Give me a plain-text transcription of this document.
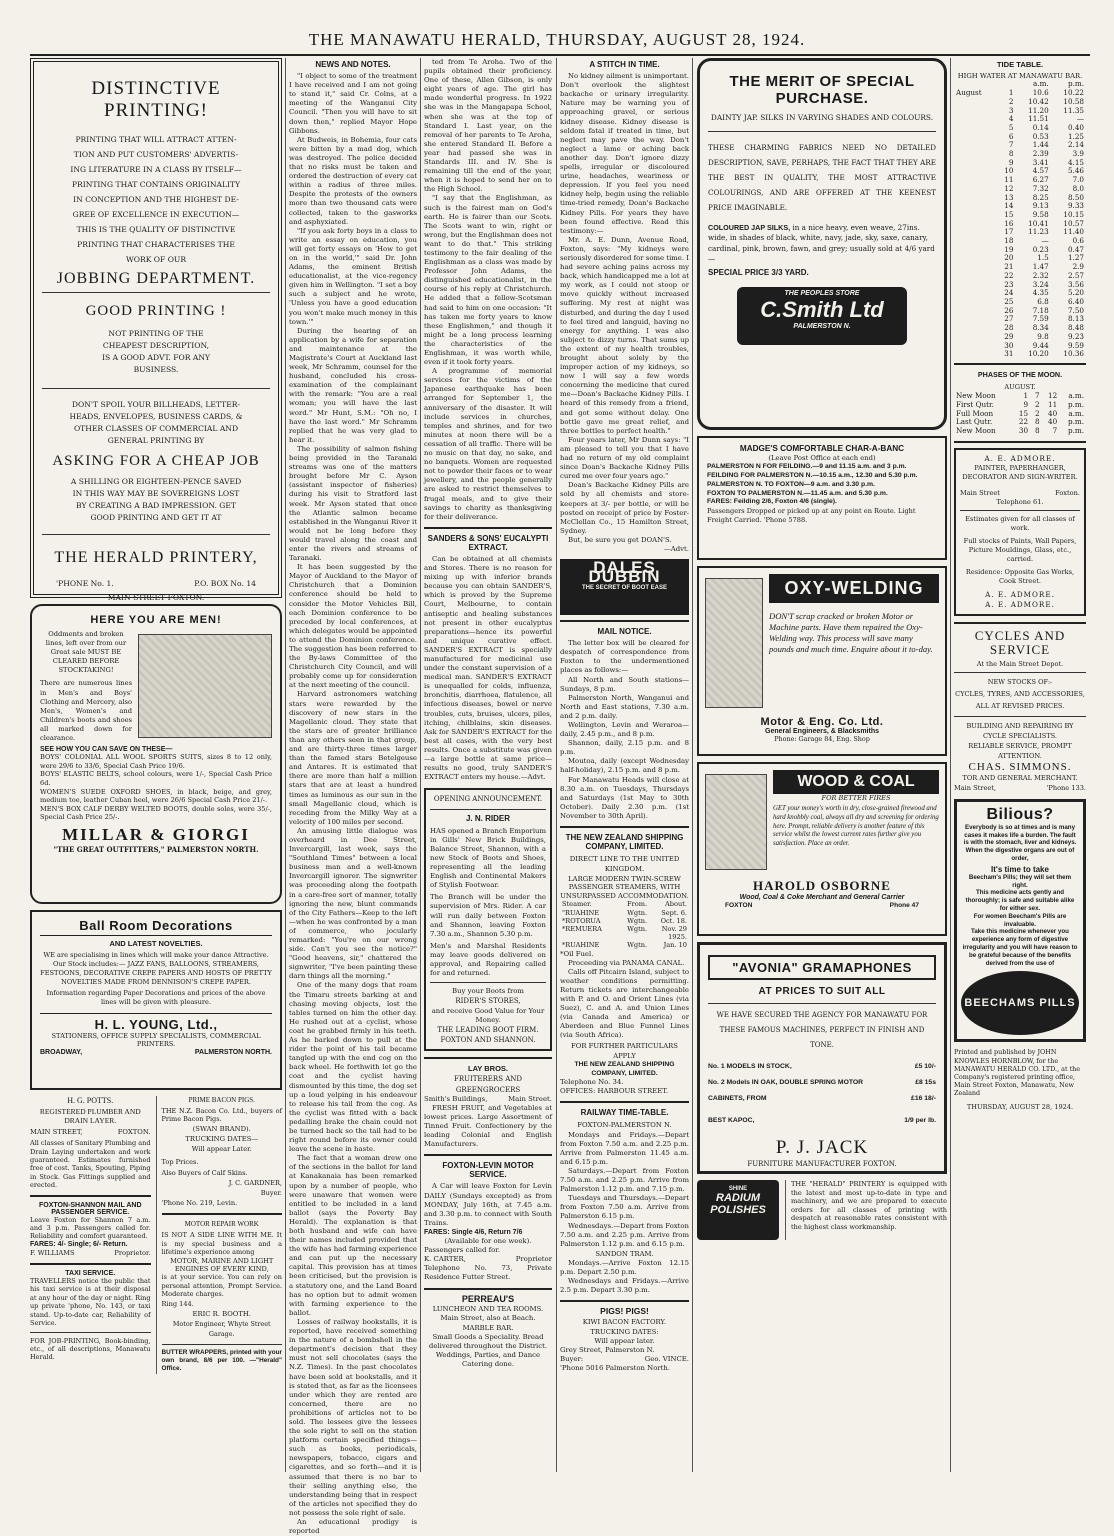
THE MANAWATU HERALD, THURSDAY, AUGUST 28, 1924.
DISTINCTIVE PRINTING!
PRINTING THAT WILL ATTRACT ATTEN-
TION AND PUT CUSTOMERS' ADVERTIS-
ING LITERATURE IN A CLASS BY ITSELF—
PRINTING THAT CONTAINS ORIGINALITY
IN CONCEPTION AND THE HIGHEST DE-
GREE OF EXCELLENCE IN EXECUTION—
THIS IS THE QUALITY OF DISTINCTIVE
PRINTING THAT CHARACTERISES THE
WORK OF OUR
JOBBING DEPARTMENT.
GOOD PRINTING !
NOT PRINTING OF THE
CHEAPEST DESCRIPTION,
IS A GOOD ADVT. FOR ANY
BUSINESS.
DON'T SPOIL YOUR BILLHEADS, LETTER-
HEADS, ENVELOPES, BUSINESS CARDS, &
OTHER CLASSES OF COMMERCIAL AND
GENERAL PRINTING BY
ASKING FOR A CHEAP JOB
A SHILLING OR EIGHTEEN-PENCE SAVED
IN THIS WAY MAY BE SOVEREIGNS LOST
BY CREATING A BAD IMPRESSION. GET
GOOD PRINTING AND GET IT AT
THE HERALD PRINTERY,
'PHONE No. 1.	P.O. BOX No. 14
MAIN STREET FOXTON.
HERE YOU ARE MEN!
Oddments and broken lines, left over from our Great sale MUST BE CLEARED BEFORE STOCKTAKING!
There are numerous lines in Men's and Boys' Clothing and Mercery, also Men's, Women's and Children's boots and shoes all marked down for clearance.
SEE HOW YOU CAN SAVE ON THESE—
BOYS' COLONIAL ALL WOOL SPORTS SUITS, sizes 8 to 12 only, were 29/6 to 33/6, Special Cash Price 19/6.
BOYS' ELASTIC BELTS, school colours, were 1/-, Special Cash Price 6d.
WOMEN'S SUEDE OXFORD SHOES, in black, beige, and grey, medium toe, leather Cuban heel, were 26/6 Special Cash Price 21/-.
MEN'S BOX CALF DERBY WELTED BOOTS, double soles, were 35/-, Special Cash Price 25/-.
MILLAR & GIORGI
"THE GREAT OUTFITTERS," PALMERSTON NORTH.
Ball Room Decorations
AND LATEST NOVELTIES.
WE are specialising in lines which will make your dance Attractive. Our Stock includes:— JAZZ FANS, BALLOONS, STREAMERS, FESTOONS, DECORATIVE CREPE PAPERS AND HOSTS OF PRETTY NOVELTIES MADE FROM DENNISON'S CREPE PAPER.
Information regarding Paper Decorations and prices of the above lines will be given with pleasure.
H. L. YOUNG, Ltd.,
STATIONERS, OFFICE SUPPLY SPECIALISTS, COMMERCIAL PRINTERS.
BROADWAY,	PALMERSTON NORTH.
H. G. POTTS.
REGISTERED PLUMBER AND DRAIN LAYER.
MAIN STREET,	FOXTON.
All classes of Sanitary Plumbing and Drain Laying undertaken and work guaranteed. Estimates furnished free of cost. Tanks, Spouting, Piping in Stock. Gas Fittings supplied and erected.
FOXTON-SHANNON MAIL AND PASSENGER SERVICE.
Leave Foxton for Shannon 7 a.m. and 3 p.m. Passengers called for. Reliability and comfort guaranteed.
FARES: 4/- Single; 6/- Return.
F. WILLIAMS	Proprietor.
TAXI SERVICE.
TRAVELLERS notice the public that his taxi service is at their disposal at any hour of the day or night. Ring up private 'phone, No. 143, or taxi stand. Up-to-date car, Reliability of Service.
FOR JOB-PRINTING, Book-binding, etc., of all descriptions, Manawatu Herald.
PRIME BACON PIGS.
THE N.Z. Bacon Co. Ltd., buyers of Prime Bacon Pigs.
(SWAN BRAND).
TRUCKING DATES—
Will appear Later.
Top Prices.
Also Buyers of Calf Skins.
J. C. GARDNER,
Buyer.
'Phone No. 219, Levin.
MOTOR REPAIR WORK
IS NOT A SIDE LINE WITH ME. It is my special business and a lifetime's experience among
MOTOR, MARINE AND LIGHT ENGINES OF EVERY KIND,
is at your service. You can rely on personal attention, Prompt Service. Moderate charges.
Ring 144.
ERIC R. BOOTH.
Motor Engineer, Whyte Street Garage.
BUTTER WRAPPERS, printed with your own brand, 8/6 per 100. —"Herald" Office.
NEWS AND NOTES.

"I object to some of the treatment I have received and I am not going to stand it," said Cr. Colns, at a meeting of the Wanganui City Council. "Then you will have to sit down then," replied Mayor Hope Gibbons.

At Budweis, in Bohemia, four cats were bitten by a mad dog, which was destroyed. The police decided that no risks must be taken and ordered the destruction of every cat within a radius of three miles. Despite the protests of the owners more than two thousand cats were collected, taken to the gasworks and asphyxiated.

"If you ask forty boys in a class to write an essay on education, you will get forty essays on 'How to get on in the world,'" said Dr. John Adams, the eminent British educationalist, at the vice-regency given him in Wellington. "I set a boy such a subject and he wrote, 'Unless you have a good education you won't make much money in this town.'"

During the hearing of an application by a wife for separation and maintenance at the Magistrate's Court at Auckland last week, Mr Schramm, counsel for the husband, concluded his cross-examination of the complainant with the remark: "You are a real woman; you will have the last word." Mr Hunt, S.M.: "Oh no, I have the last word." Mr Schramm replied that he was very glad to hear it.

The possibility of salmon fishing being provided in the Taranaki streams was one of the matters brought before Mr C. Ayson (assistant inspector of fisheries) during his visit to Stratford last week. Mr Ayson stated that once the Atlantic salmon became established in the Wanganui River it would not be long before they would travel along the coast and enter the rivers and streams of Taranaki.

It has been suggested by the Mayor of Auckland to the Mayor of Christchurch that a Dominion conference should be held to consider the Motor Vehicles Bill, each Dominion conference to be preceded by local conferences, at which delegates would be appointed to attend the Dominion conference. The suggestion has been referred to the By-laws Committee of the Christchurch City Council, and will probably come up for consideration at the next meeting of the council.

Harvard astronomers watching stars were rewarded by the discovery of new stars in the Magellanic cloud. They state that the stars are of greater brilliance than any others seen in that group, and are thirty-three times larger than the famed stars Betelgeuse and Antares. It is estimated that there are more than half a million stars that are at least a hundred times as luminous as our sun in the small Magellanic cloud, which is receding from the Milky Way at a velocity of 100 miles per second.

An amusing little dialogue was overheard in Dee Street, Invercargill, last week, says the "Southland Times" between a local business man and a well-known Invercargill ignorer. The signwriter was proceeding along the footpath in a care-free sort of manner, totally ignoring the new, blunt commands of the City Fathers—Keep to the left—when he was confronted by a man of commerce, who jocularly remarked: "You're on our wrong side. Can't you see the notice?" "Good heavens, sir," chattered the signwriter, "I've been painting these darn things all the morning."

One of the many dogs that roam the Timaru streets barking at and chasing moving objects, lost the tables turned on him the other day. He rushed out at a cyclist, whose coat he grabbed firmly in his teeth. As he barked down to pull at the rider the point of his tail became tangled up with the end cog on the back wheel. He forthwith let go the coat and the cyclist having dismounted by this time, the dog set up a loud yelping in his endeavour to release his tail from the cog. As the cyclist was fitted with a back pedalling brake the chain could not be turned back so the tail had to be right round before its owner could leave the scene in haste.

The fact that a woman drew one of the sections in the ballot for land at Kanakanaia has been remarked upon by a number of people, who were unaware that women were entitled to be included in a land ballot (says the Poverty Bay Herald). The explanation is that both husband and wife can have their names included provided that the wife has had farming experience and can put up the necessary capital. This provision has at times been criticised, but the provision is a statutory one, and the Land Board has no option but to admit women with farming experience to the ballot.

Losses of railway bookstalls, it is reported, have received something in the nature of a bombshell in the department's decision that they must not sell chocolates (says the N.Z. Times). In the past chocolates have been sold at bookstalls, and it is stated that, as far as the licensees under which they are rented are concerned, there are no prohibitions of articles not to be sold. The lessees give the lessees the sole right to sell on the station platform certain specified things—such as books, periodicals, newspapers, tobacco, cigars and cigarettes, and so forth—and it is assumed that there is no bar to their selling anything else, the understanding being that in respect of the articles not specified they do not possess the sole right of sale.

An educational prodigy is reported

ted from Te Aroha. Two of the pupils obtained their proficiency. One of these, Allen Gibson, is only eight years of age. The girl has made wonderful progress. In 1922 she was in the Mangapapa School, when she was at the top of Standard I. Last year, on the removal of her parents to Te Aroha, she entered Standard II. Before a year had passed she was in Standards III. and IV. She is remaining till the end of the year, when it is hoped to send her on to the High School.

"I say that the Englishman, as such is the fairest man on God's earth. He is fairer than our Scots. The Scots want to win, right or wrong, but the Englishman does not want to do that." This striking testimony to the fair dealing of the Englishman as a class was made by Professor John Adams, the distinguished educationalist, in the course of his reply at Christchurch. He added that a fellow-Scotsman had said to him on one occasion: "It has taken me forty years to know these Englishmen," and though it might be a long process learning the characteristics of the Englishman, it was worth while, even if it took forty years.

A programme of memorial services for the victims of the Japanese earthquake has been arranged for September 1, the anniversary of the disaster. It will include services in churches, temples and shrines, and for two minutes at noon there will be a cessation of all traffic. There will be no music on that day, no sake, and no banquets. Women are requested not to powder their faces or to wear jewellery, and the people generally are asked to restrict themselves to frugal meals, and to give their savings to charity as thanksgiving for their deliverance.

SANDERS & SONS' EUCALYPTI EXTRACT.

Can be obtained at all chemists and Stores. There is no reason for mixing up with inferior brands because you can obtain SANDER'S, which is proved by the Supreme Court, Melbourne, to contain antiseptic and healing substances not present in other eucalyptus preparations—hence its powerful and unique curative effect. SANDER'S EXTRACT is specially manufactured for medicinal use under the constant supervision of a medical man. SANDER'S EXTRACT is unequalled for colds, influenza, bronchitis, diarrhoea, flatulence, all infectious diseases, bowel or nerve troubles, cuts, bruises, ulcers, piles, itching, chilblains, skin diseases. Ask for SANDER'S EXTRACT for the best all cases, with the very best results. Once a substitute was given—a large bottle at same price—results no good, truly SANDER'S EXTRACT enters my house.—Advt.

OPENING ANNOUNCEMENT.
J. N. RIDER
HAS opened a Branch Emporium in Gills' New Brick Buildings, Balance Street, Shannon, with a new Stock of Boots and Shoes, representing all the leading English and Continental Makers of Stylish Footwear.
The Branch will be under the supervision of Mrs. Rider. A car will run daily between Foxton and Shannon, leaving Foxton 7.30 a.m., Shannon 5.30 p.m.
Men's and Marshal Residents may leave goods delivered on approval, and Repairing called for and returned.
Buy your Boots from
RIDER'S STORES,
and receive Good Value for Your Money.
THE LEADING BOOT FIRM.
FOXTON AND SHANNON.
LAY BROS.
FRUITERERS AND GREENGROCERS
Smith's Buildings,	Main Street.

FRESH FRUIT, and Vegetables at lowest prices. Large Assortment of Tinned Fruit. Confectionery by the leading Colonial and English Manufacturers.

FOXTON-LEVIN MOTOR SERVICE.

A Car will leave Foxton for Levin DAILY (Sundays excepted) as from MONDAY, July 16th, at 7.45 a.m. and 3.30 p.m. to connect with South Trains.

FARES: Single 4/6, Return 7/6
(Available for one week).
Passengers called for.
K. CARTER,	Proprietor
Telephone No. 73, Private Residence Futter Street.
PERREAU'S
LUNCHEON AND TEA ROOMS.
Main Street, also at Beach.
MARBLE BAR.
Small Goods a Speciality. Bread delivered throughout the District. Weddings, Parties, and Dance Catering done.
A STITCH IN TIME.

No kidney ailment is unimportant. Don't overlook the slightest backache or urinary irregularity. Nature may be warning you of approaching gravel, or serious kidney disease. Kidney disease is seldom fatal if treated in time, but neglect may pave the way. Don't neglect a lame or aching back another day. Don't ignore dizzy spells, irregular or discoloured urine, headaches, weariness or depression. If you feel you need kidney help, begin using the reliable time-tried remedy, Doan's Backache Kidney Pills. For years they have been found effective. Read this testimony:—

Mr. A. E. Dunn, Avenue Road, Foxton, says: "My kidneys were seriously disordered for some time. I had severe aching pains across my back, which handicapped me a lot at my work, as I could not stoop or move quickly without increased suffering. My rest at night was disturbed, and during the day I used to feel tired and languid, having no energy for anything. I was also subject to dizzy turns. That sums up the extent of my health troubles, brought about solely by the improper action of my kidneys, so now I will say a few words concerning the medicine that cured me—Doan's Backache Kidney Pills. I heard of this remedy from a friend, and got some without delay. One bottle gave me great relief, and three bottles to perfect health."

Four years later, Mr Dunn says: "I am pleased to tell you that I have had no return of my old complaint since Doan's Backache Kidney Pills cured me over four years ago."

Doan's Backache Kidney Pills are sold by all chemists and store-keepers at 3/- per bottle, or will be posted on receipt of price by Foster-McClellan Co., 15 Hamilton Street, Sydney.

But, be sure you get DOAN'S.

—Advt.
DALES DUBBIN
THE SECRET OF BOOT EASE
MAIL NOTICE.

The letter box will be cleared for despatch of correspondence from Foxton to the undermentioned places as follows:—

All North and South stations—Sundays, 8 p.m.

Palmerston North, Wanganui and North and East stations, 7.30 a.m. and 2 p.m. daily.

Wellington, Levin and Weraroa—daily, 2.45 p.m., and 8 p.m.

Shannon, daily, 2.15 p.m. and 8 p.m.

Moutoa, daily (except Wednesday half-holiday), 2.15 p.m. and 8 p.m.

For Manawatu Heads will close at 8.30 a.m. on Tuesdays, Thursdays and Saturdays (1st May to 30th October). Daily 2.30 p.m. (1st November to 30th April).

THE NEW ZEALAND SHIPPING COMPANY, LIMITED.
DIRECT LINE TO THE UNITED KINGDOM.
LARGE MODERN TWIN-SCREW PASSENGER STEAMERS, WITH UNSURPASSED ACCOMMODATION.
Steamer.	From.	About.
"RUAHINE	Wgtn.	Sept. 6.
*ROTORUA	Wgtn.	Oct. 18.
*REMUERA	Wgtn.	Nov. 29
		1925.
*RUAHINE	Wgtn.	Jan. 10
*Oil Fuel.

Proceeding via PANAMA CANAL.

Calls off Pitcairn Island, subject to weather conditions permitting. Return tickets are interchangeable with P. and O. and Orient Lines (via Suez), C. and A. and Union Lines (via Canada and America) or Aberdeen and Blue Funnel Lines (via South Africa).

FOR FURTHER PARTICULARS APPLY
THE NEW ZEALAND SHIPPING COMPANY, LIMITED.
Telephone No. 34.
OFFICES: HARBOUR STREET.
RAILWAY TIME-TABLE.
FOXTON-PALMERSTON N.

Mondays and Fridays.—Depart from Foxton 7.50 a.m. and 2.25 p.m. Arrive from Palmerston 11.45 a.m. and 6.15 p.m.

Saturdays.—Depart from Foxton 7.50 a.m. and 2.25 p.m. Arrive from Palmerston 1.12 p.m. and 7.15 p.m.

Tuesdays and Thursdays.—Depart from Foxton 7.50 a.m. Arrive from Palmerston 6.15 p.m.

Wednesdays.—Depart from Foxton 7.50 a.m. and 2.25 p.m. Arrive from Palmerston 1.12 p.m. and 6.15 p.m.

SANDON TRAM.

Mondays.—Arrive Foxton 12.15 p.m. Depart 2.50 p.m.

Wednesdays and Fridays.—Arrive 2.5 p.m. Depart 3.30 p.m.

PIGS! PIGS!
KIWI BACON FACTORY.
TRUCKING DATES:
Will appear later.
Grey Street, Palmerston N.
Buyer:	Geo. VINCE.
'Phone 5016 Palmerston North.
THE MERIT OF SPECIAL PURCHASE.
DAINTY JAP. SILKS IN VARYING SHADES AND COLOURS.
THESE CHARMING FABRICS NEED NO DETAILED DESCRIPTION, SAVE, PERHAPS, THE FACT THAT THEY ARE THE BEST IN QUALITY, THE MOST ATTRACTIVE COLOURINGS, AND ARE OFFERED AT THE KEENEST PRICE IMAGINABLE.
COLOURED JAP SILKS, in a nice heavy, even weave, 27ins. wide, in shades of black, white, navy, jade, sky, saxe, canary, cardinal, pink, brown, fawn, and grey; usually sold at 4/6 yard—
SPECIAL PRICE 3/3 YARD.
THE PEOPLES STORE
C.Smith Ltd
PALMERSTON N.
MADGE'S COMFORTABLE CHAR-A-BANC
(Leave Post Office at each end)
PALMERSTON N FOR FEILDING.—9 and 11.15 a.m. and 3 p.m.
FEILDING FOR PALMERSTON N.—10.15 a.m., 12.30 and 5.30 p.m.
PALMERSTON N. TO FOXTON—9 a.m. and 3.30 p.m.
FOXTON TO PALMERSTON N.—11.45 a.m. and 5.30 p.m.
FARES: Feilding 2/6, Foxton 4/6 (single).
Passengers Dropped or picked up at any point en Route. Light Freight Carried. 'Phone 5788.
OXY-WELDING
DON'T scrap cracked or broken Motor or Machine parts. Have them repaired the Oxy-Welding way. This process will save many pounds and much time. Enquire about it to-day.
Motor & Eng. Co. Ltd.
General Engineers, & Blacksmiths
Phone: Garage 84, Eng. Shop
WOOD & COAL
FOR BETTER FIRES
GET your money's worth in dry, close-grained firewood and hard knobbly coal, always all dry and screening for ordering here. Prompt, reliable delivery is another feature of this service whilst the lowest current rates further give you satisfaction. Place an order.
HAROLD OSBORNE
Wood, Coal & Coke Merchant and General Carrier
FOXTON	Phone 47
"AVONIA" GRAMAPHONES
AT PRICES TO SUIT ALL
WE HAVE SECURED THE AGENCY FOR MANAWATU FOR THESE FAMOUS MACHINES, PERFECT IN FINISH AND TONE.
No. 1 MODELS IN STOCK,	£5 10/-
No. 2 Models IN OAK, DOUBLE SPRING MOTOR	£8 15s
CABINETS, FROM	£16 18/-
BEST KAPOC,	1/9 per lb.
P. J. JACK
FURNITURE MANUFACTURER FOXTON.
SHINE
RADIUM POLISHES
THE "HERALD" PRINTERY is equipped with the latest and most up-to-date in type and machinery, and we are prepared to execute orders for all classes of printing with despatch at reasonable rates consistent with the highest class workmanship.
TIDE TABLE.
HIGH WATER AT MANAWATU BAR.
		a.m.	p.m.
August	1	10.6	10.22
	2	10.42	10.58
	3	11.20	11.35
	4	11.51	—
	5	0.14	0.40
	6	0.53	1.25
	7	1.44	2.14
	8	2.39	3.9
	9	3.41	4.15
	10	4.57	5.46
	11	6.27	7.0
	12	7.32	8.0
	13	8.25	8.50
	14	9.13	9.33
	15	9.58	10.15
	16	10.41	10.57
	17	11.23	11.40
	18	—	0.6
	19	0.23	0.47
	20	1.5	1.27
	21	1.47	2.9
	22	2.32	2.57
	23	3.24	3.56
	24	4.35	5.20
	25	6.8	6.40
	26	7.18	7.50
	27	7.59	8.13
	28	8.34	8.48
	29	9.8	9.23
	30	9.44	9.59
	31	10.20	10.36
PHASES OF THE MOON.
AUGUST.
New Moon	1	7	12	a.m.
First Qutr.	9	2	11	p.m.
Full Moon	15	2	40	a.m.
Last Qutr.	22	8	40	p.m.
New Moon	30	8	7	p.m.
A. E. ADMORE.
PAINTER, PAPERHANGER, DECORATOR AND SIGN-WRITER.
Main Street	Foxton.
Telephone 61.
Estimates given for all classes of work.
Full stocks of Paints, Wall Papers, Picture Mouldings, Glass, etc., carried.
Residence: Opposite Gas Works, Cook Street.
A. E. ADMORE.
A. E. ADMORE.
CYCLES AND SERVICE
At the Main Street Depot.
NEW STOCKS OF:-
CYCLES, TYRES, AND ACCESSORIES, ALL AT REVISED PRICES.
BUILDING AND REPAIRING BY CYCLE SPECIALISTS.
RELIABLE SERVICE, PROMPT ATTENTION.
CHAS. SIMMONS.
TOR AND GENERAL MERCHANT.
Main Street,	'Phone 133.
Bilious?
Everybody is so at times and is many cases it makes life a burden. The fault is with the stomach, liver and kidneys. When the digestive organs are out of order,
It's time to take
Beecham's Pills; they will set them right.
This medicine acts gently and thoroughly; is safe and suitable alike for either sex.
For women Beecham's Pills are invaluable.
Take this medicine whenever you experience any form of digestive irregularity and you will have reason to be grateful because of the benefits derived from the use of
BEECHAMS PILLS
Printed and published by JOHN KNOWLES HORNBLOW, for the MANAWATU HERALD CO. LTD., at the Company's registered printing office, Main Street Foxton, Manawatu, New Zealand
THURSDAY, AUGUST 28, 1924.
